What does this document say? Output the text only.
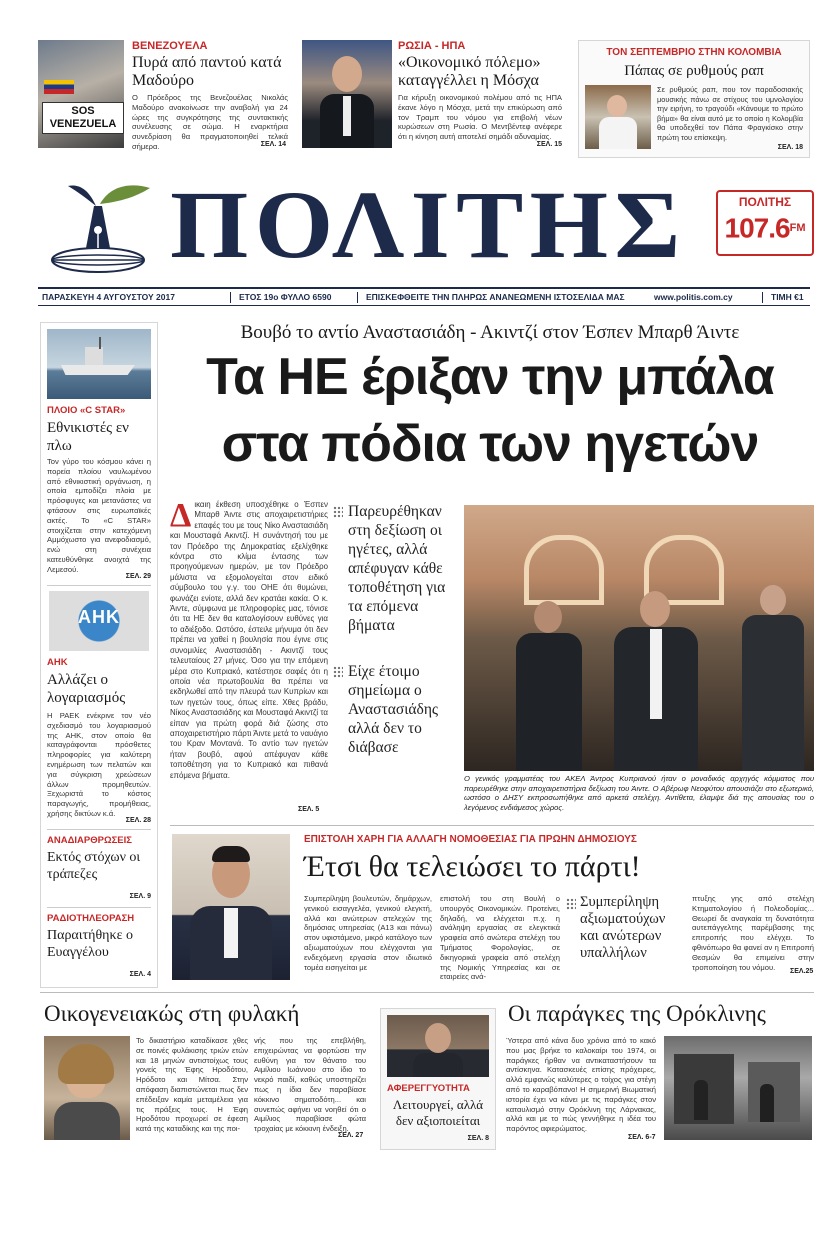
SOS VENEZUELA
ΒΕΝΕΖΟΥΕΛΑ
Πυρά από παντού κατά Μαδούρο
Ο Πρόεδρος της Βενεζουέλας Νικολάς Μαδούρο ανακοίνωσε την αναβολή για 24 ώρες της συγκρότησης της συντακτικής συνέλευσης σε σώμα. Η εναρκτήρια συνεδρίαση θα πραγματοποιηθεί τελικά σήμερα.	ΣΕΛ. 14
ΡΩΣΙΑ - ΗΠΑ
«Οικονομικό πόλεμο» καταγγέλλει η Μόσχα
Για κήρυξη οικονομικού πολέμου από τις ΗΠΑ έκανε λόγο η Μόσχα, μετά την επικύρωση από τον Τραμπ του νόμου για επιβολή νέων κυρώσεων στη Ρωσία. Ο Μεντβέντεφ ανέφερε ότι η κίνηση αυτή αποτελεί σημάδι αδυναμίας.
ΣΕΛ. 15
ΤΟΝ ΣΕΠΤΕΜΒΡΙΟ ΣΤΗΝ ΚΟΛΟΜΒΙΑ
Πάπας σε ρυθμούς ραπ
Σε ρυθμούς ραπ, που τον παραδοσιακής μουσικής πάνω σε στίχους του υμνολογίου την ειρήνη, το τραγούδι «Κάνουμε το πρώτο βήμα» θα είναι αυτό με το οποίο η Κολομβία θα υποδεχθεί τον Πάπα Φραγκίσκο στην πρώτη του επίσκεψη.
ΣΕΛ. 18
ΠΟΛΙΤΗΣ	ΠΟΛΙΤΗΣ
$107.6^{FM}$
ΠΑΡΑΣΚΕΥΗ 4 ΑΥΓΟΥΣΤΟΥ 2017	ΕΤΟΣ 19ο ΦΥΛΛΟ 6590	ΕΠΙΣΚΕΦΘΕΙΤΕ ΤΗΝ ΠΛΗΡΩΣ ΑΝΑΝΕΩΜΕΝΗ ΙΣΤΟΣΕΛΙΔΑ ΜΑΣ	www.politis.com.cy	ΤΙΜΗ €1
ΠΛΟΙΟ «C STAR»
Εθνικιστές εν πλω
Τον γύρο του κόσμου κάνει η πορεία πλοίου ναυλωμένου από εθνικιστική οργάνωση, η οποία εμποδίζει πλοία με πρόσφυγες και μετανάστες να φτάσουν στις ευρωπαϊκές ακτές. Το «C STAR» στοιχίζεται στην κατεχόμενη Αμμόχωστο για ανεφοδιασμό, ενώ στη συνέχεια κατευθύνθηκε ανοιχτά της Λεμεσού.
ΣΕΛ. 29
ΑΗΚ
ΑΗΚ
Αλλάζει ο λογαριασμός
Η ΡΑΕΚ ενέκρινε τον νέο σχεδιασμό του λογαριασμού της ΑΗΚ, στον οποίο θα καταγράφονται πρόσθετες πληροφορίες για καλύτερη ενημέρωση των πελατών και για σύγκριση χρεώσεων άλλων προμηθευτών. Ξεχωριστά το κόστος παραγωγής, προμήθειας, χρήσης δικτύων κ.ά.
ΣΕΛ. 28
ΑΝΑΔΙΑΡΘΡΩΣΕΙΣ
Εκτός στόχων οι τράπεζες
ΣΕΛ. 9
ΡΑΔΙΟΤΗΛΕΟΡΑΣΗ
Παραιτήθηκε ο Ευαγγέλου
ΣΕΛ. 4
Βουβό το αντίο Αναστασιάδη - Ακιντζί στον Έσπεν Μπαρθ Άιντε
Τα ΗΕ έριξαν την μπάλα
στα πόδια των ηγετών
Δ ικαιη έκθεση υποσχέθηκε ο Έσπεν Μπαρθ Άιντε στις αποχαιρετιστήριες επαφές του με τους Νίκο Αναστασιάδη και Μουσταφά Ακιντζί. Η συνάντησή του με τον Πρόεδρο της Δημοκρατίας εξελίχθηκε κόντρα στο κλίμα έντασης των προηγούμενων ημερών, με τον Πρόεδρο μάλιστα να εξομολογείται στον ειδικό σύμβουλο του γ.γ. του ΟΗΕ ότι θυμώνει, φωνάζει ενίοτε, αλλά δεν κρατάει κακία. Ο κ. Άιντε, σύμφωνα με πληροφορίες μας, τόνισε ότι τα ΗΕ δεν θα καταλογίσουν ευθύνες για το αδιέξοδο. Ωστόσο, έστειλε μήνυμα ότι δεν πρέπει να χαθεί η βουλησία που έγινε στις συνομιλίες Αναστασιάδη - Ακιντζί τους τελευταίους 27 μήνες. Όσο για την επόμενη μέρα στο Κυπριακό, κατέστησε σαφές ότι η οποία νέα πρωτοβουλία θα πρέπει να εκδηλωθεί από την πλευρά των Κυπρίων και των ηγετών τους, όπως είπε. Χθες βράδυ, Νίκος Αναστασιάδης και Μουσταφά Ακιντζί τα είπαν για πρώτη φορά διά ζώσης στο αποχαιρετιστήριο πάρτι Άιντε μετά το ναυάγιο του Κραν Μοντανά. Το αντίο των ηγετών ήταν βουβό, αφού απέφυγαν κάθε τοποθέτηση για το Κυπριακό και πιθανά επόμενα βήματα.
ΣΕΛ. 5
Παρευρέθηκαν στη δεξίωση οι ηγέτες, αλλά απέφυγαν κάθε τοποθέτηση για τα επόμενα βήματα
Είχε έτοιμο σημείωμα ο Αναστασιάδης αλλά δεν το διάβασε
Ο γενικός γραμματέας του ΑΚΕΛ Άντρος Κυπριανού ήταν ο μοναδικός αρχηγός κόμματος που παρευρέθηκε στην αποχαιρετιστήρια δεξίωση του Άιντε. Ο Αβέρωφ Νεοφύτου απουσιάζει στο εξωτερικό, ωστόσο ο ΔΗΣΥ εκπροσωπήθηκε από αρκετά στελέχη. Αντίθετα, έλαμψε διά της απουσίας του ο λεγόμενος ενδιάμεσος χώρος.
ΕΠΙΣΤΟΛΗ ΧΑΡΗ ΓΙΑ ΑΛΛΑΓΗ ΝΟΜΟΘΕΣΙΑΣ ΓΙΑ ΠΡΩΗΝ ΔΗΜΟΣΙΟΥΣ
Έτσι θα τελειώσει το πάρτι!
Συμπερίληψη βουλευτών, δημάρχων, γενικού εισαγγελέα, γενικού ελεγκτή, αλλά και ανώτερων στελεχών της δημόσιας υπηρεσίας (Α13 και πάνω) στον υφιστάμενο, μικρό κατάλογο των αξιωματούχων που ελέγχονται για ενδεχόμενη εργασία στον ιδιωτικό τομέα εισηγείται με
επιστολή του στη Βουλή ο υπουργός Οικονομικών. Προτείνει, δηλαδή, να ελέγχεται π.χ. η ανάληψη εργασίας σε ελεγκτικά γραφεία από ανώτερα στελέχη του Τμήματος Φορολογίας, σε δικηγορικά γραφεία από στελέχη της Νομικής Υπηρεσίας και σε εταιρείες ανά-
Συμπερίληψη αξιωματούχων και ανώτερων υπαλλήλων
πτυξης γης από στελέχη Κτηματολογίου ή Πολεοδομίας... Θεωρεί δε αναγκαία τη δυνατότητα αυτεπάγγελτης παρέμβασης της επιτροπής που ελέγχει. Το φθινόπωρο θα φανεί αν η Επιτροπή Θεσμών θα επιμείνει στην τροποποίηση του νόμου.	ΣΕΛ.25
Οικογενειακώς στη φυλακή
Το δικαστήριο καταδίκασε χθες σε ποινές φυλάκισης τριών ετών και 18 μηνών αντιστοίχως τους γονείς της Έφης Ηροδότου, Ηρόδοτο και Μίτσα. Στην απόφαση διαπιστώνεται πως δεν επέδειξαν καμία μεταμέλεια για τις πράξεις τους. Η Έφη Ηροδότου προχωρεί σε έφεση κατά της καταδίκης και της ποι-
νής που της επεβλήθη, επιχειρώντας να φορτώσει την ευθύνη για τον θάνατο του Αιμίλιου Ιωάννου στο ίδιο το νεκρό παιδί, καθώς υποστηρίζει πως η ίδια δεν παραβίασε κόκκινο σηματοδότη... και συνεπώς αφήνει να νοηθεί ότι ο Αιμίλιος παραβίασε φώτα τροχαίας με κόκκινη ένδειξη.
ΣΕΛ. 27
ΑΦΕΡΕΓΓΥΟΤΗΤΑ
Λειτουργεί, αλλά δεν αξιοποιείται
ΣΕΛ. 8
Οι παράγκες της Ορόκλινης
Ύστερα από κάνα δυο χρόνια από το κακό που μας βρήκε το καλοκαίρι του 1974, οι παράγκες ήρθαν να αντικαταστήσουν τα αντίσκηνα. Κατασκευές επίσης πρόχειρες, αλλά εμφανώς καλύτερες ο τοίχος για στέγη από το καραβόπανο! Η σημερινή Βιωματική ιστορία έχει να κάνει με τις παράγκες στον καταυλισμό στην Ορόκλινη της Λάρνακας, αλλά και με το πώς γεννήθηκε η ιδέα του παρόντος αφιερώματος.
ΣΕΛ. 6-7
